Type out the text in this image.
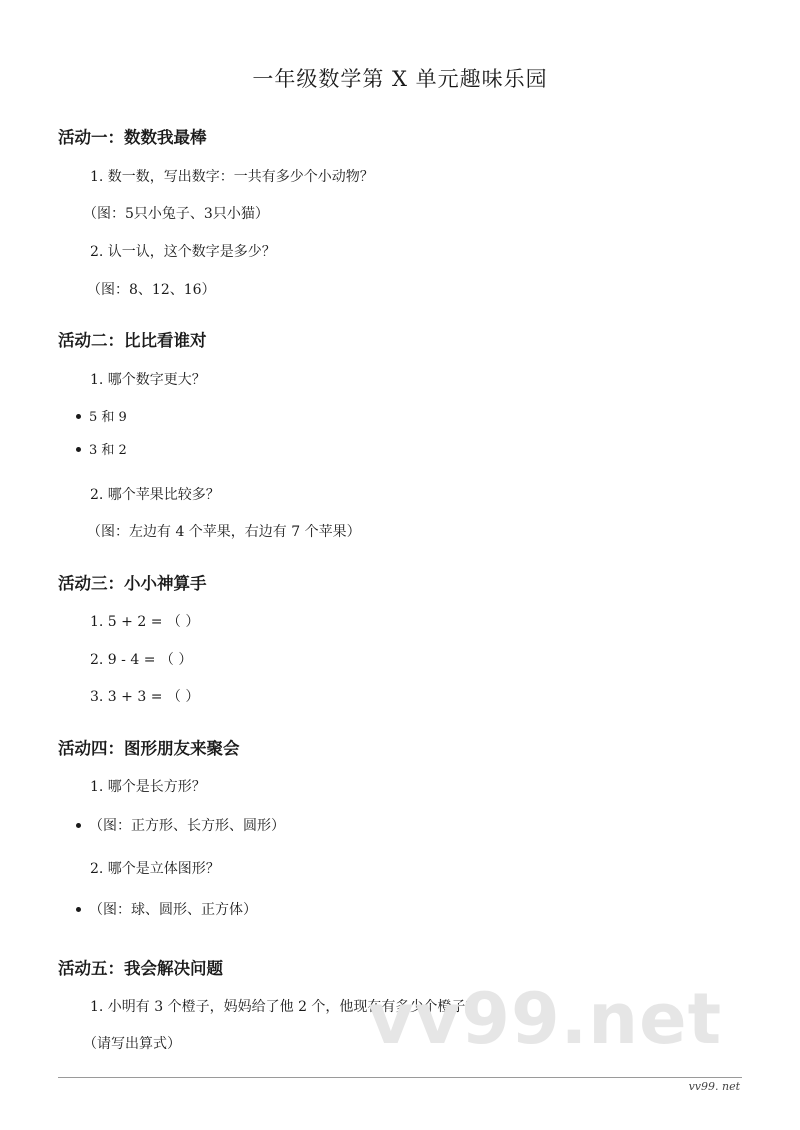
一年级数学第 X 单元趣味乐园
活动一：数数我最棒
1. 数一数，写出数字：一共有多少个小动物？
（图：5只小兔子、3只小猫）
2. 认一认，这个数字是多少？
（图：8、12、16）
活动二：比比看谁对
1. 哪个数字更大？
5 和 9
3 和 2
2. 哪个苹果比较多？
（图：左边有 4 个苹果，右边有 7 个苹果）
活动三：小小神算手
1. 5 + 2 = （ ）
2. 9 - 4 = （ ）
3. 3 + 3 = （ ）
活动四：图形朋友来聚会
1. 哪个是长方形？
（图：正方形、长方形、圆形）
2. 哪个是立体图形？
（图：球、圆形、正方体）
活动五：我会解决问题
1. 小明有 3 个橙子，妈妈给了他 2 个，他现在有多少个橙子？
（请写出算式）	vv99.net
vv99. net
